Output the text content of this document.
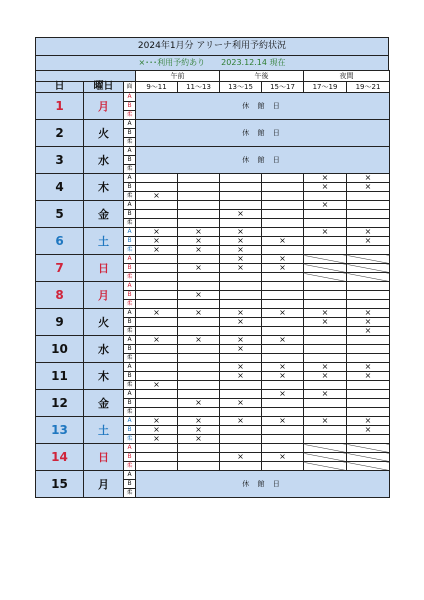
2024年1月分 アリーナ利用予約状況
×･･･利用予約あり　　2023.12.14 現在
			午前		午後		夜間	
日	曜日	面	9～11	11～13	13～15	15～17	17～19	19～21
1	月	A	休 館 日					
		B						
		柔						
2	火	A	休 館 日					
		B						
		柔						
3	水	A	休 館 日					
		B						
		柔						
4	木	A					×	×
		B					×	×
		柔	×					
5	金	A					×	
		B			×			
		柔						
6	土	A	×	×	×		×	×
		B	×	×	×	×		×
		柔	×	×	×			
7	日	A			×	×		
		B		×	×	×		
		柔						
8	月	A						
		B		×				
		柔						
9	火	A	×	×	×	×	×	×
		B			×		×	×
		柔						×
10	水	A	×	×	×	×		
		B			×			
		柔						
11	木	A			×	×	×	×
		B			×	×	×	×
		柔	×					
12	金	A				×	×	
		B		×	×			
		柔						
13	土	A	×	×	×	×	×	×
		B	×	×				×
		柔	×	×				
14	日	A						
		B			×	×		
		柔						
15	月	A	休 館 日					
		B						
		柔						
